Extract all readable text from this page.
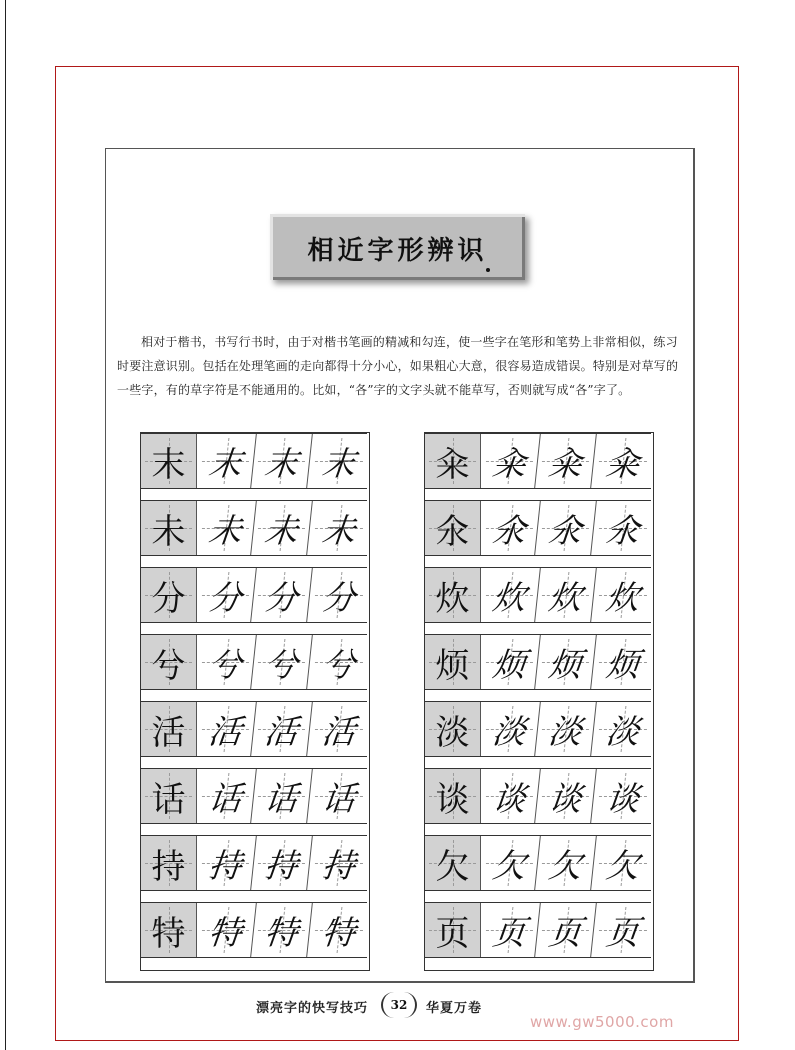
相近字形辨识

相对于楷书，书写行书时，由于对楷书笔画的精减和勾连，使一些字在笔形和笔势上非常相似，练习时要注意识别。包括在处理笔画的走向都得十分小心，如果粗心大意，很容易造成错误。特别是对草写的一些字，有的草字符是不能通用的。比如，“各”字的文字头就不能草写，否则就写成“各”字了。

末 末 末 末
未 未 未 未
分 分 分 分
兮 兮 兮 兮
活 活 活 活
话 话 话 话
持 持 持 持
特 特 特 特
籴 籴 籴 籴
氽 氽 氽 氽
炊 炊 炊 炊
烦 烦 烦 烦
淡 淡 淡 淡
谈 谈 谈 谈
欠 欠 欠 欠
页 页 页 页
漂亮字的快写技巧	32	华夏万卷
www.gw5000.com
